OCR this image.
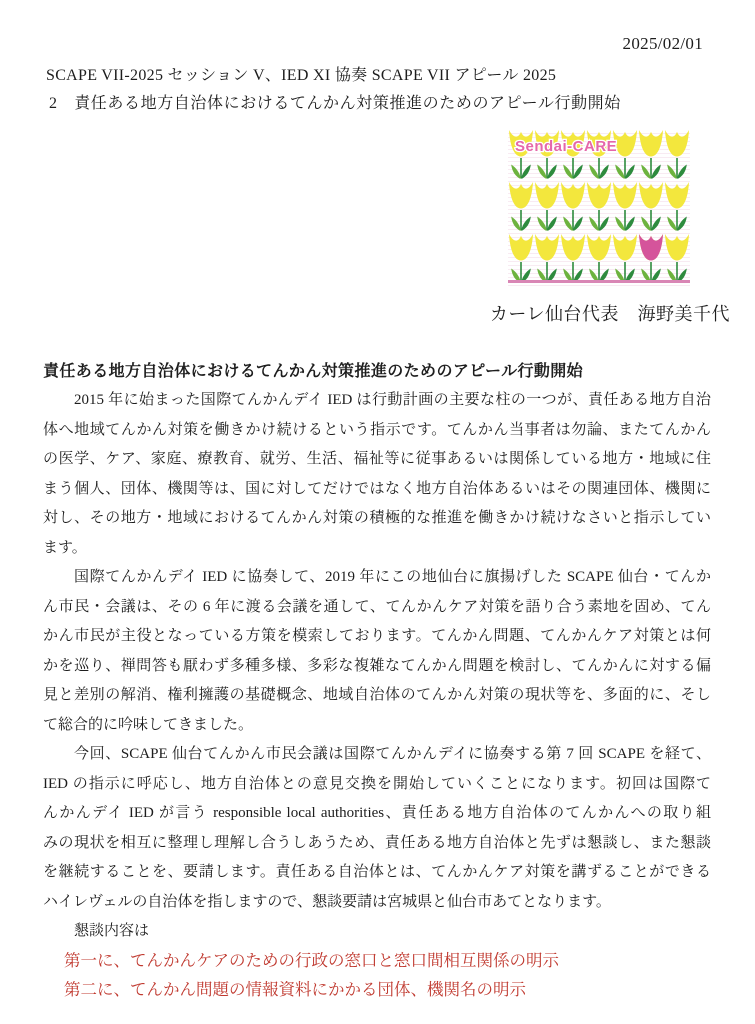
2025/02/01
SCAPE VII-2025 セッション V、IED XI 協奏 SCAPE VII アピール 2025
2　責任ある地方自治体におけるてんかん対策推進のためのアピール行動開始
Sendai-CARE
カーレ仙台代表　海野美千代
責任ある地方自治体におけるてんかん対策推進のためのアピール行動開始
2015 年に始まった国際てんかんデイ IED は行動計画の主要な柱の一つが、責任ある地方自治
体へ地域てんかん対策を働きかけ続けるという指示です。てんかん当事者は勿論、またてんかん
の医学、ケア、家庭、療教育、就労、生活、福祉等に従事あるいは関係している地方・地域に住
まう個人、団体、機関等は、国に対してだけではなく地方自治体あるいはその関連団体、機関に
対し、その地方・地域におけるてんかん対策の積極的な推進を働きかけ続けなさいと指示してい
ます。
国際てんかんデイ IED に協奏して、2019 年にこの地仙台に旗揚げした SCAPE 仙台・てんか
ん市民・会議は、その 6 年に渡る会議を通して、てんかんケア対策を語り合う素地を固め、てん
かん市民が主役となっている方策を模索しております。てんかん問題、てんかんケア対策とは何
かを巡り、禅問答も厭わず多種多様、多彩な複雑なてんかん問題を検討し、てんかんに対する偏
見と差別の解消、権利擁護の基礎概念、地域自治体のてんかん対策の現状等を、多面的に、そし
て総合的に吟味してきました。
今回、SCAPE 仙台てんかん市民会議は国際てんかんデイに協奏する第 7 回 SCAPE を経て、
IED の指示に呼応し、地方自治体との意見交換を開始していくことになります。初回は国際て
んかんデイ IED が言う responsible local authorities、責任ある地方自治体のてんかんへの取り組
みの現状を相互に整理し理解し合うしあうため、責任ある地方自治体と先ずは懇談し、また懇談
を継続することを、要請します。責任ある自治体とは、てんかんケア対策を講ずることができる
ハイレヴェルの自治体を指しますので、懇談要請は宮城県と仙台市あてとなります。
懇談内容は
第一に、てんかんケアのための行政の窓口と窓口間相互関係の明示
第二に、てんかん問題の情報資料にかかる団体、機関名の明示
